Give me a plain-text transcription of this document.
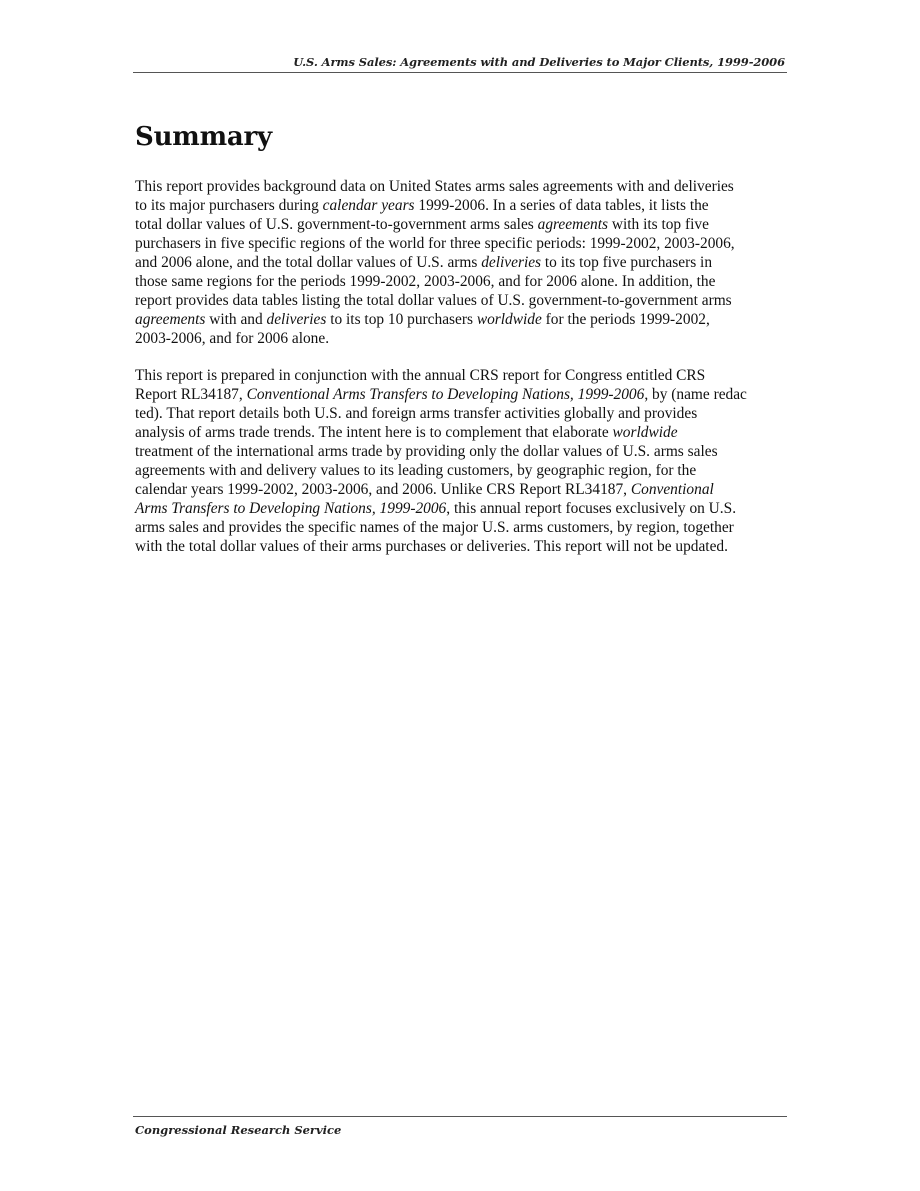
U.S. Arms Sales: Agreements with and Deliveries to Major Clients, 1999-2006
Summary
This report provides background data on United States arms sales agreements with and deliveries
to its major purchasers during calendar years 1999-2006. In a series of data tables, it lists the
total dollar values of U.S. government-to-government arms sales agreements with its top five
purchasers in five specific regions of the world for three specific periods: 1999-2002, 2003-2006,
and 2006 alone, and the total dollar values of U.S. arms deliveries to its top five purchasers in
those same regions for the periods 1999-2002, 2003-2006, and for 2006 alone. In addition, the
report provides data tables listing the total dollar values of U.S. government-to-government arms
agreements with and deliveries to its top 10 purchasers worldwide for the periods 1999-2002,
2003-2006, and for 2006 alone.
This report is prepared in conjunction with the annual CRS report for Congress entitled CRS
Report RL34187, Conventional Arms Transfers to Developing Nations, 1999-2006, by (name redac
ted). That report details both U.S. and foreign arms transfer activities globally and provides
analysis of arms trade trends. The intent here is to complement that elaborate worldwide
treatment of the international arms trade by providing only the dollar values of U.S. arms sales
agreements with and delivery values to its leading customers, by geographic region, for the
calendar years 1999-2002, 2003-2006, and 2006. Unlike CRS Report RL34187, Conventional
Arms Transfers to Developing Nations, 1999-2006, this annual report focuses exclusively on U.S.
arms sales and provides the specific names of the major U.S. arms customers, by region, together
with the total dollar values of their arms purchases or deliveries. This report will not be updated.
Congressional Research Service
